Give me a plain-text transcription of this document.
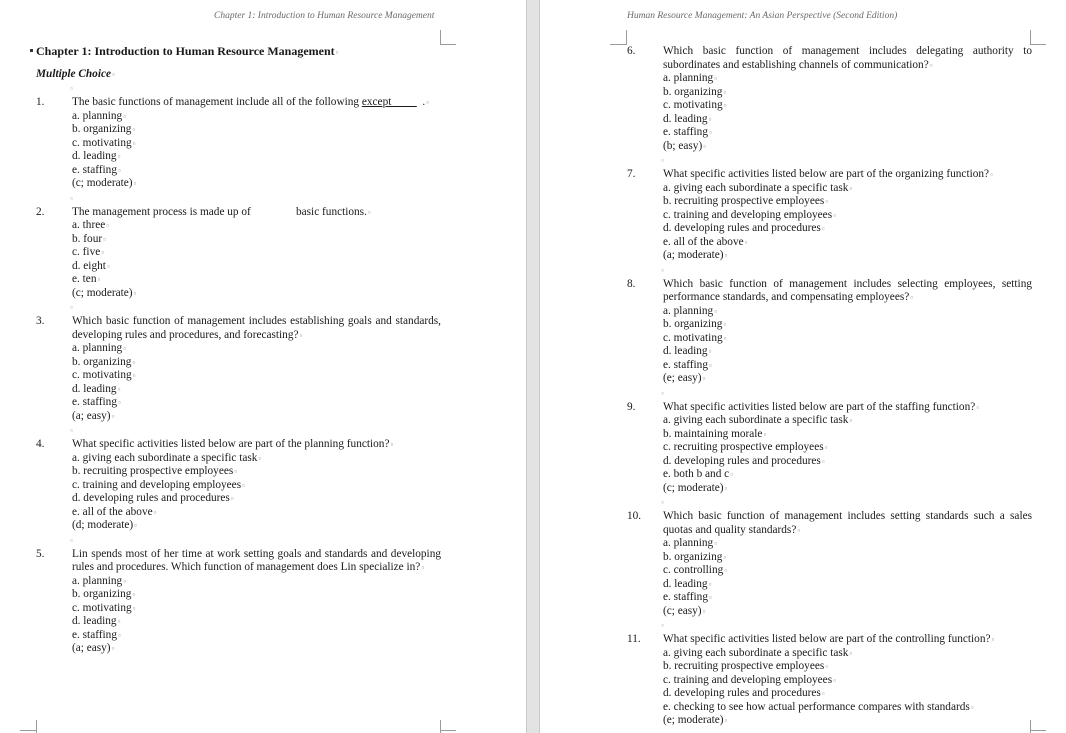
Chapter 1: Introduction to Human Resource Management
Chapter 1: Introduction to Human Resource Management▫
Multiple Choice▫
▫
1. The basic functions of management include all of the following except           .▫
a. planning▫
b. organizing▫
c. motivating▫
d. leading▫
e. staffing▫
(c; moderate)▫
▫
2. The management process is made up of                basic functions.▫
a. three▫
b. four▫
c. five▫
d. eight▫
e. ten▫
(c; moderate)▫
▫
3. Which basic function of management includes establishing goals and standards, developing rules and procedures, and forecasting?▫
a. planning▫
b. organizing▫
c. motivating▫
d. leading▫
e. staffing▫
(a; easy)▫
▫
4. What specific activities listed below are part of the planning function?▫
a. giving each subordinate a specific task▫
b. recruiting prospective employees▫
c. training and developing employees▫
d. developing rules and procedures▫
e. all of the above▫
(d; moderate)▫
▫
5. Lin spends most of her time at work setting goals and standards and developing rules and procedures. Which function of management does Lin specialize in?▫
a. planning▫
b. organizing▫
c. motivating▫
d. leading▫
e. staffing▫
(a; easy)▫
Human Resource Management: An Asian Perspective (Second Edition)
6. Which basic function of management includes delegating authority to subordinates and establishing channels of communication?▫
a. planning▫
b. organizing▫
c. motivating▫
d. leading▫
e. staffing▫
(b; easy)▫
▫
7. What specific activities listed below are part of the organizing function?▫
a. giving each subordinate a specific task▫
b. recruiting prospective employees▫
c. training and developing employees▫
d. developing rules and procedures▫
e. all of the above▫
(a; moderate)▫
▫
8. Which basic function of management includes selecting employees, setting performance standards, and compensating employees?▫
a. planning▫
b. organizing▫
c. motivating▫
d. leading▫
e. staffing▫
(e; easy)▫
▫
9. What specific activities listed below are part of the staffing function?▫
a. giving each subordinate a specific task▫
b. maintaining morale▫
c. recruiting prospective employees▫
d. developing rules and procedures▫
e. both b and c▫
(c; moderate)▫
▫
10. Which basic function of management includes setting standards such a sales quotas and quality standards?▫
a. planning▫
b. organizing▫
c. controlling▫
d. leading▫
e. staffing▫
(c; easy)▫
▫
11. What specific activities listed below are part of the controlling function?▫
a. giving each subordinate a specific task▫
b. recruiting prospective employees▫
c. training and developing employees▫
d. developing rules and procedures▫
e. checking to see how actual performance compares with standards▫
(e; moderate)▫
